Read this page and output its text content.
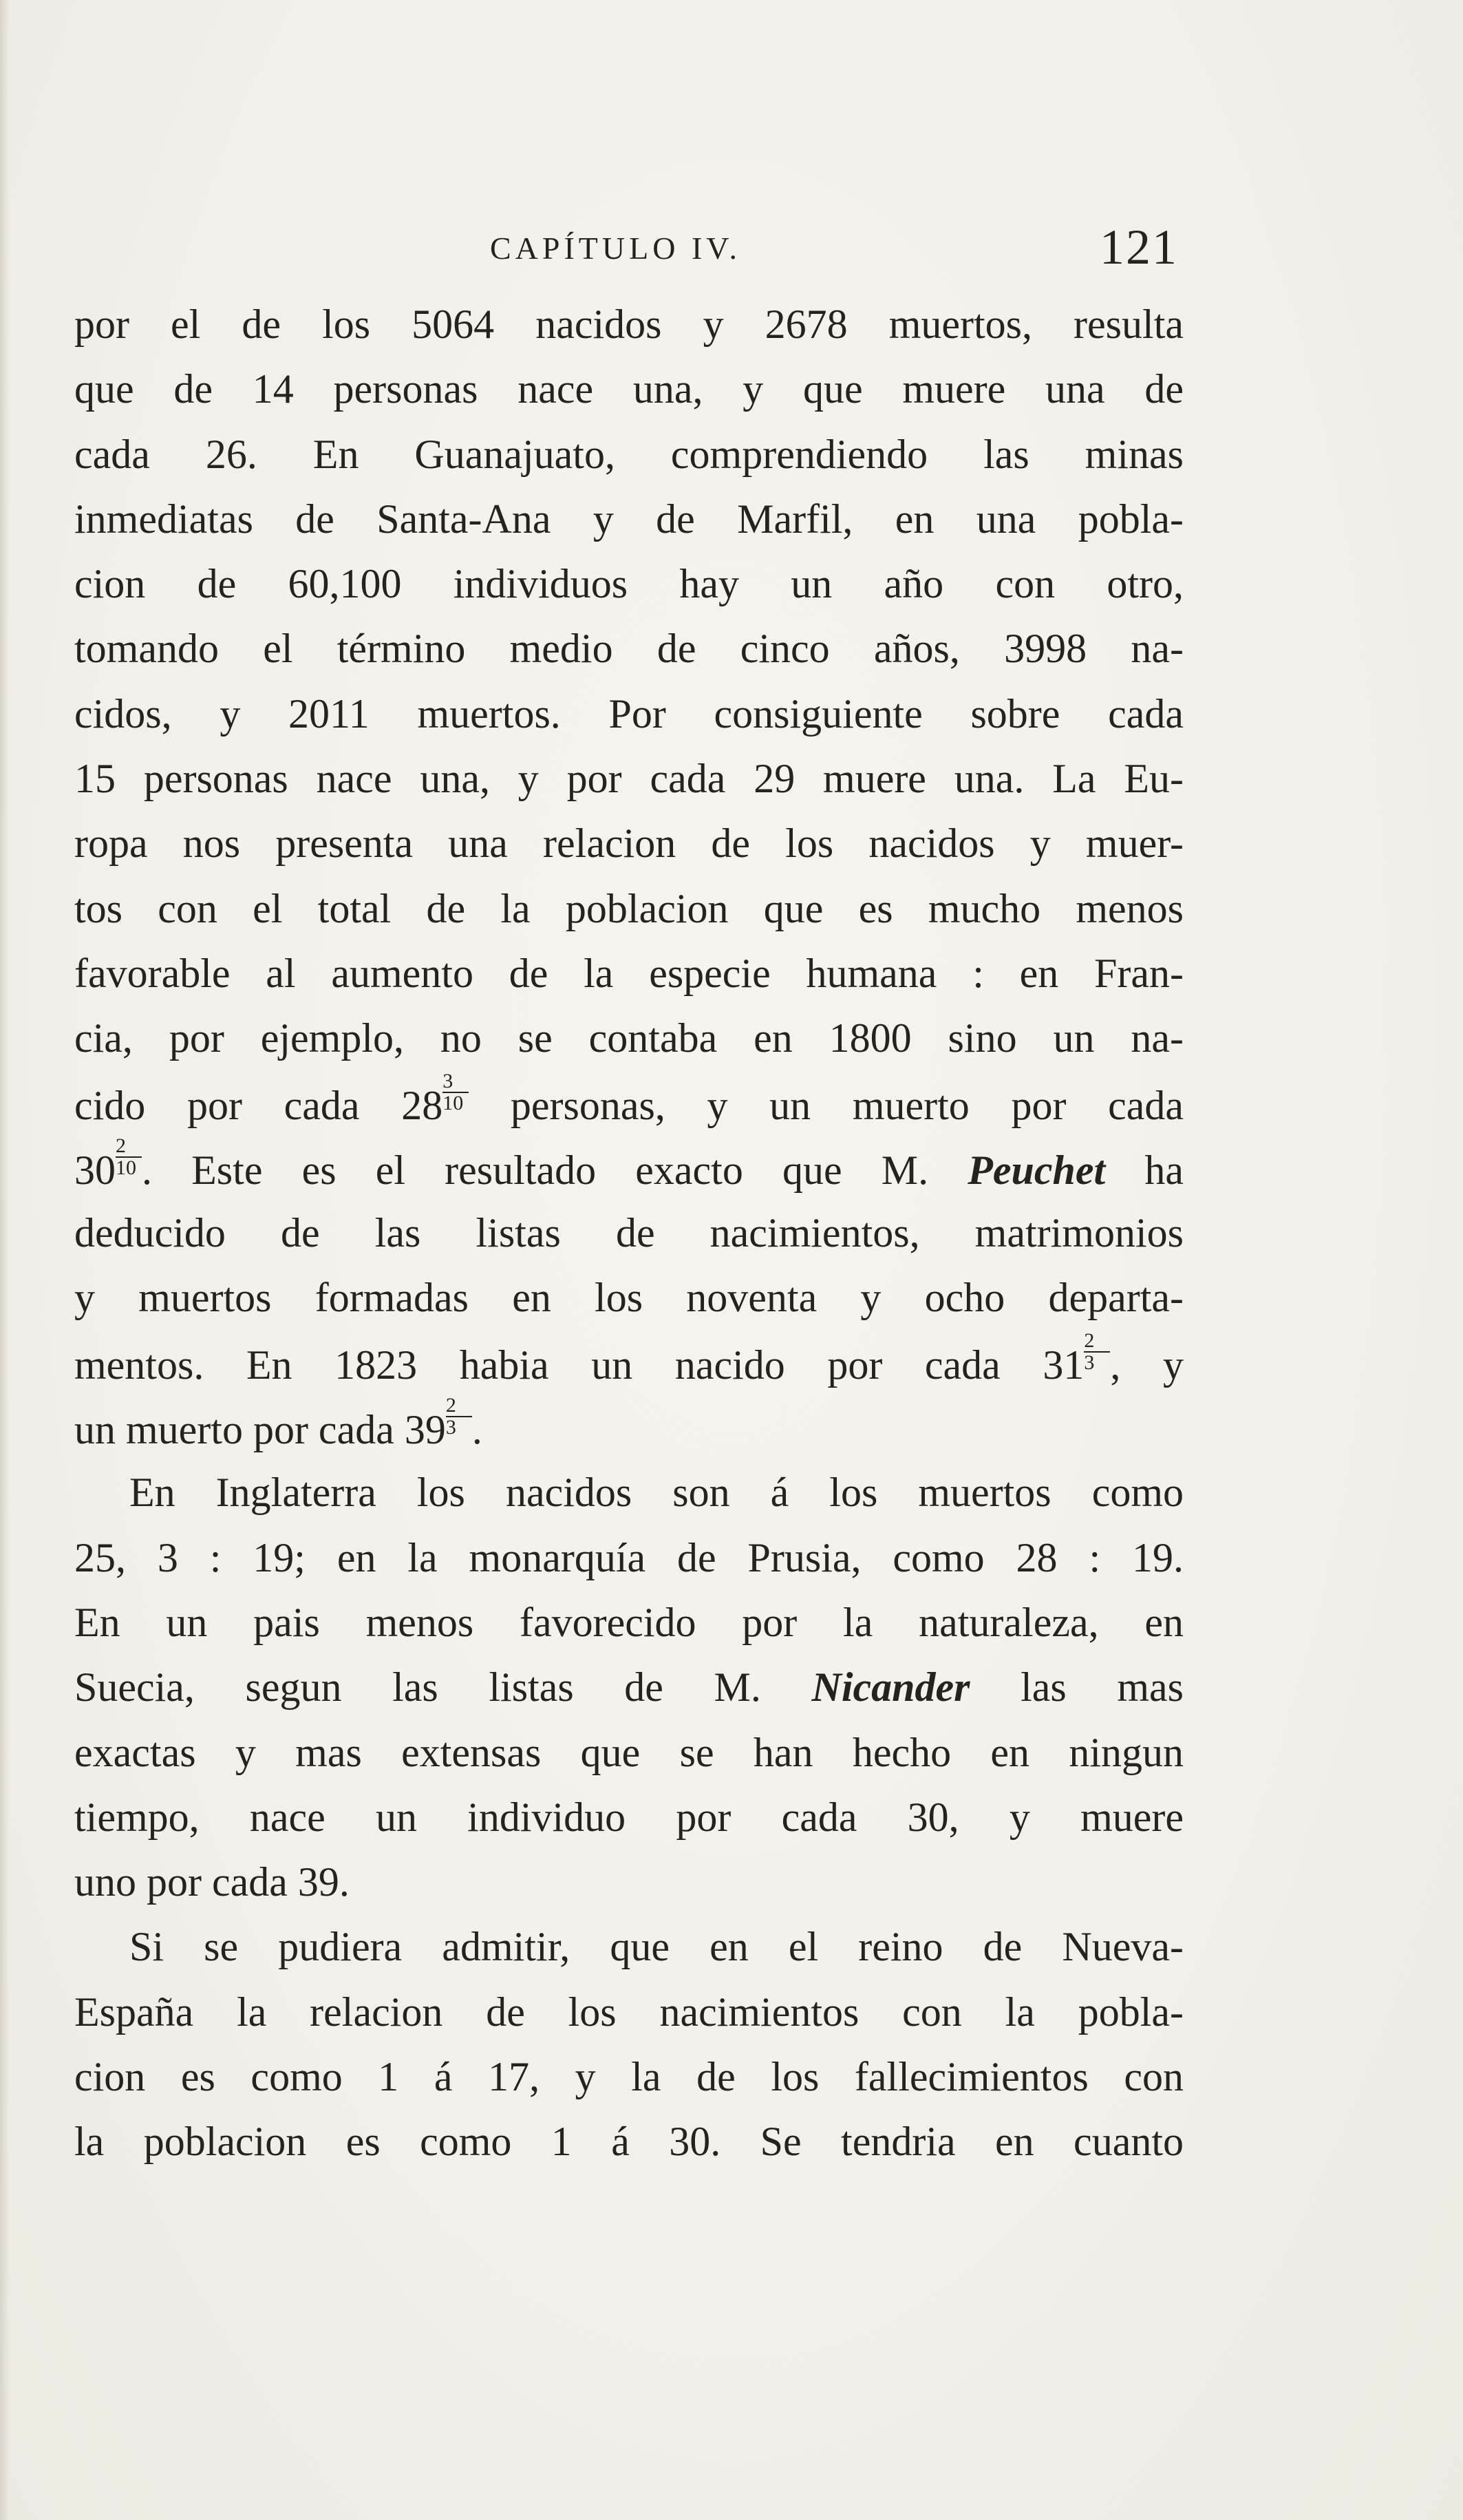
CAPÍTULO IV.	121
por el de los 5064 nacidos y 2678 muertos, resulta
que de 14 personas nace una, y que muere una de
cada 26. En Guanajuato, comprendiendo las minas
inmediatas de Santa-Ana y de Marfil, en una pobla-
cion de 60,100 individuos hay un año con otro,
tomando el término medio de cinco años, 3998 na-
cidos, y 2011 muertos. Por consiguiente sobre cada
15 personas nace una, y por cada 29 muere una. La Eu-
ropa nos presenta una relacion de los nacidos y muer-
tos con el total de la poblacion que es mucho menos
favorable al aumento de la especie humana : en Fran-
cia, por ejemplo, no se contaba en 1800 sino un na-
cido por cada $28 \frac{3}{10}$ personas, y un muerto por cada
$30 \frac{2}{10}$ . Este es el resultado exacto que M. Peuchet ha
deducido de las listas de nacimientos, matrimonios
y muertos formadas en los noventa y ocho departa-
mentos. En 1823 habia un nacido por cada $31 \frac{2}{3}$ , y
un muerto por cada $39 \frac{2}{3}$ .
En Inglaterra los nacidos son á los muertos como
25, 3 : 19; en la monarquía de Prusia, como 28 : 19.
En un pais menos favorecido por la naturaleza, en
Suecia, segun las listas de M. Nicander las mas
exactas y mas extensas que se han hecho en ningun
tiempo, nace un individuo por cada 30, y muere
uno por cada 39.
Si se pudiera admitir, que en el reino de Nueva-
España la relacion de los nacimientos con la pobla-
cion es como 1 á 17, y la de los fallecimientos con
la poblacion es como 1 á 30. Se tendria en cuanto
